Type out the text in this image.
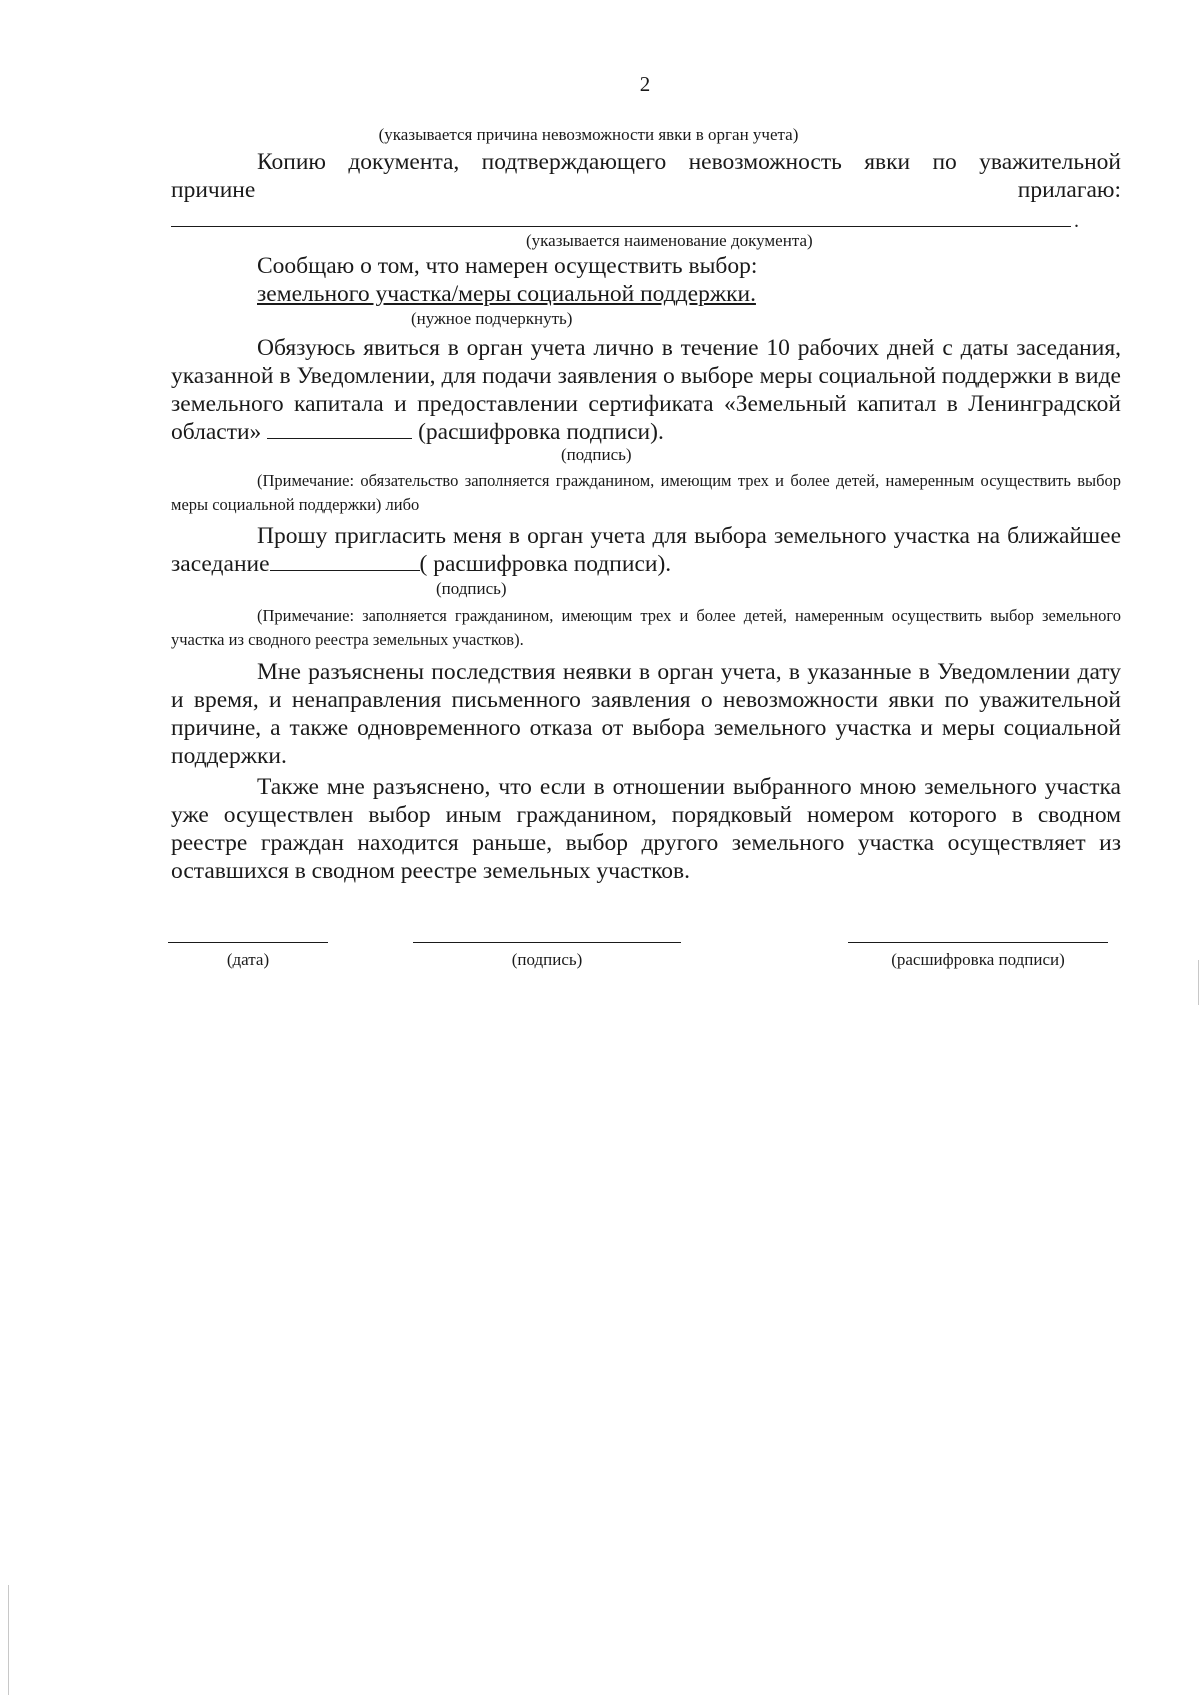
2
(указывается причина невозможности явки в орган учета)

Копию документа, подтверждающего невозможность явки по уважительной

причине	прилагаю:
.
(указывается наименование документа)

Сообщаю о том, что намерен осуществить выбор:

земельного участка/меры социальной поддержки.

(нужное подчеркнуть)

Обязуюсь явиться в орган учета лично в течение 10 рабочих дней с даты заседания, указанной в Уведомлении, для подачи заявления о выборе меры социальной поддержки в виде земельного капитала и предоставлении сертификата «Земельный капитал в Ленинградской области»	(расшифровка подписи).

(подпись)

(Примечание: обязательство заполняется гражданином, имеющим трех и более детей, намеренным осуществить выбор меры социальной поддержки) либо

Прошу пригласить меня в орган учета для выбора земельного участка на ближайшее заседание	( расшифровка подписи).

(подпись)

(Примечание: заполняется гражданином, имеющим трех и более детей, намеренным осуществить выбор земельного участка из сводного реестра земельных участков).

Мне разъяснены последствия неявки в орган учета, в указанные в Уведомлении дату и время, и ненаправления письменного заявления о невозможности явки по уважительной причине, а также одновременного отказа от выбора земельного участка и меры социальной поддержки.

Также мне разъяснено, что если в отношении выбранного мною земельного участка уже осуществлен выбор иным гражданином, порядковый номером которого в сводном реестре граждан находится раньше, выбор другого земельного участка осуществляет из оставшихся в сводном реестре земельных участков.

(дата)	(подпись)	(расшифровка подписи)
